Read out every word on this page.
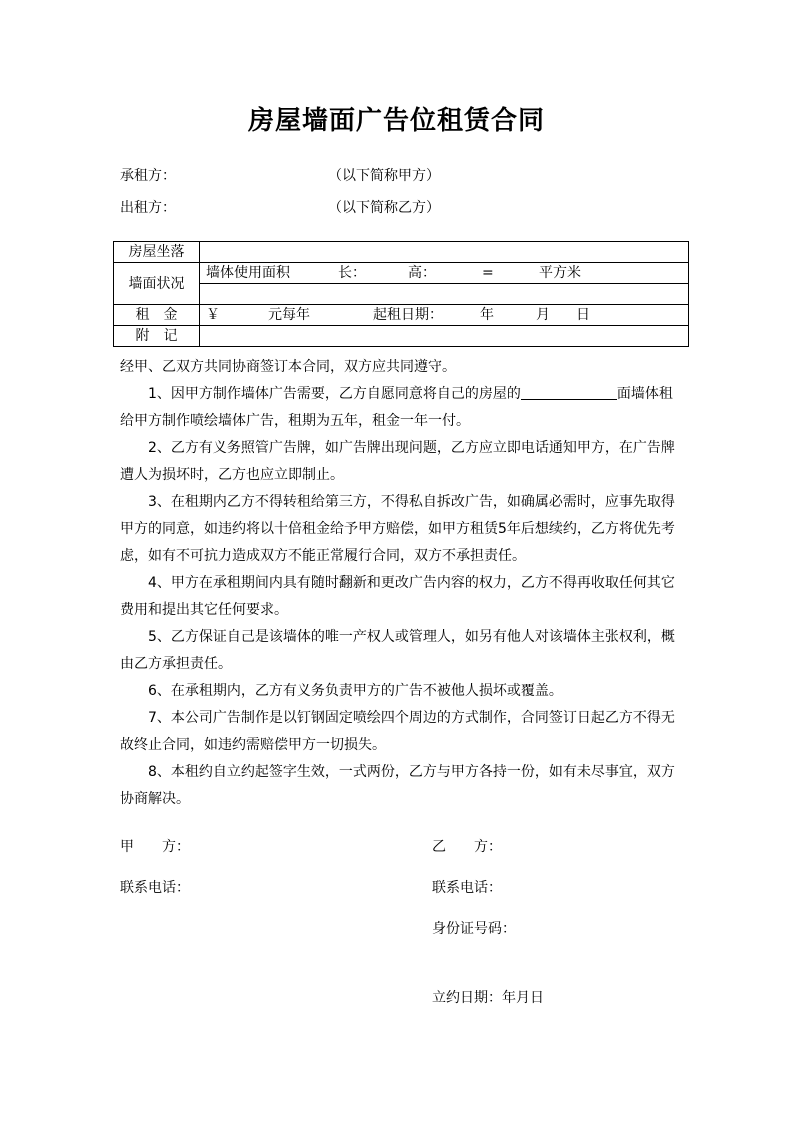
房屋墙面广告位租赁合同
承租方：	（以下简称甲方）
出租方：	（以下简称乙方）
房屋坐落	
墙面状况	墙体使用面积 长： 高： = 平方米

租　金	￥ 元每年 起租日期： 年 月 日
附　记	

经甲、乙双方共同协商签订本合同，双方应共同遵守。

1、因甲方制作墙体广告需要，乙方自愿同意将自己的房屋的	面墙体租给甲方制作喷绘墙体广告，租期为五年，租金一年一付。

2、乙方有义务照管广告牌，如广告牌出现问题，乙方应立即电话通知甲方，在广告牌遭人为损坏时，乙方也应立即制止。

3、在租期内乙方不得转租给第三方，不得私自拆改广告，如确属必需时，应事先取得甲方的同意，如违约将以十倍租金给予甲方赔偿，如甲方租赁5年后想续约，乙方将优先考虑，如有不可抗力造成双方不能正常履行合同，双方不承担责任。

4、甲方在承租期间内具有随时翻新和更改广告内容的权力，乙方不得再收取任何其它费用和提出其它任何要求。

5、乙方保证自己是该墙体的唯一产权人或管理人，如另有他人对该墙体主张权利，概由乙方承担责任。

6、在承租期内，乙方有义务负责甲方的广告不被他人损坏或覆盖。

7、本公司广告制作是以钉钢固定喷绘四个周边的方式制作，合同签订日起乙方不得无故终止合同，如违约需赔偿甲方一切损失。

8、本租约自立约起签字生效，一式两份，乙方与甲方各持一份，如有未尽事宜，双方协商解决。

甲　　方：	乙　　方：
联系电话：	联系电话：
身份证号码：
立约日期：年月日
